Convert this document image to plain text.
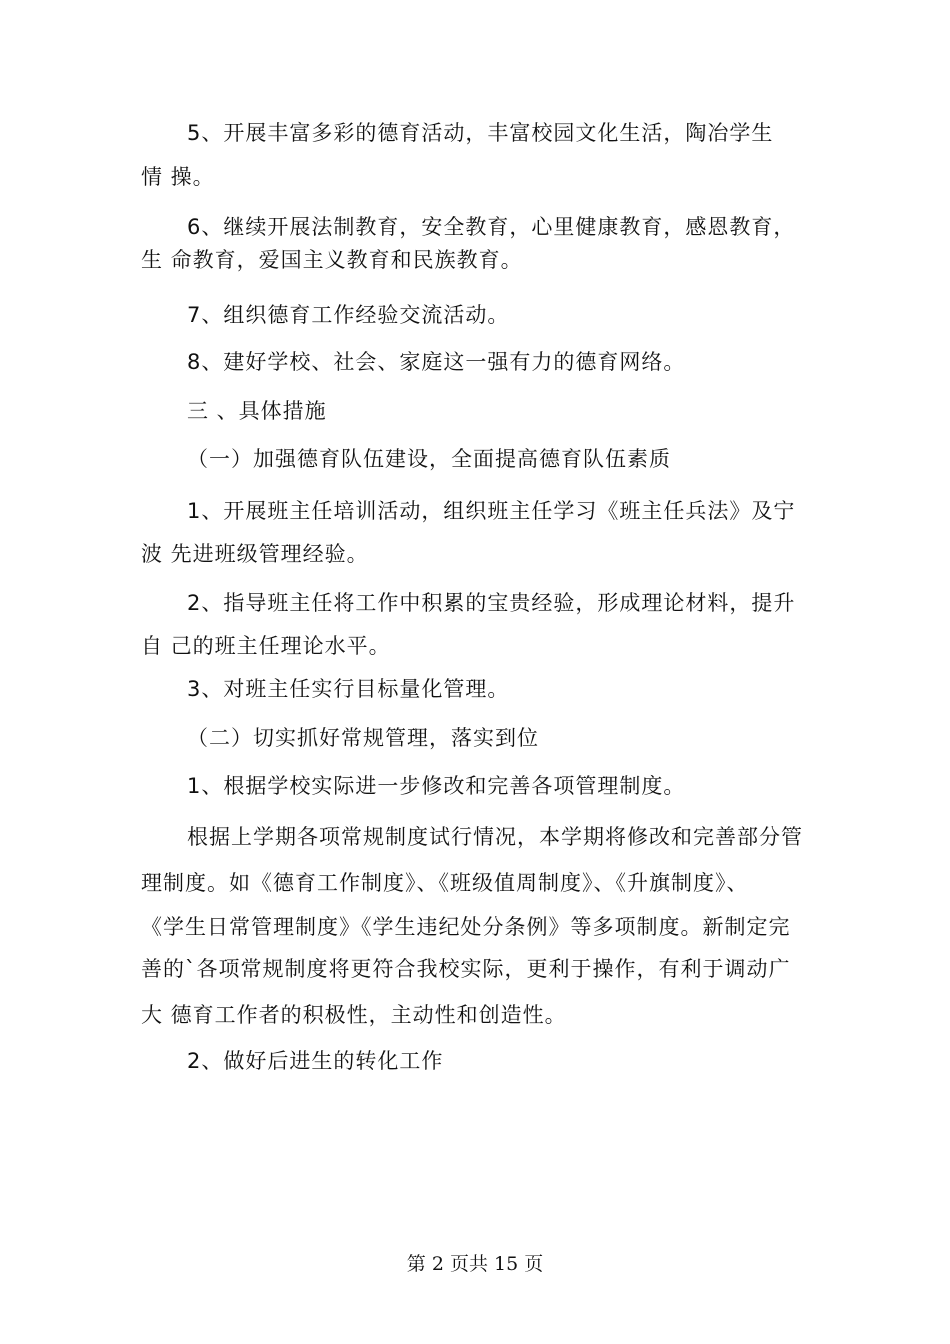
5、开展丰富多彩的德育活动，丰富校园文化生活，陶冶学生
情 操。
6、继续开展法制教育，安全教育，心里健康教育，感恩教育，
生 命教育，爱国主义教育和民族教育。
7、组织德育工作经验交流活动。
8、建好学校、社会、家庭这一强有力的德育网络。
三 、具体措施
（一）加强德育队伍建设，全面提高德育队伍素质
1、开展班主任培训活动，组织班主任学习《班主任兵法》及宁
波 先进班级管理经验。
2、指导班主任将工作中积累的宝贵经验，形成理论材料，提升
自 己的班主任理论水平。
3、对班主任实行目标量化管理。
（二）切实抓好常规管理，落实到位
1、根据学校实际进一步修改和完善各项管理制度。
根据上学期各项常规制度试行情况，本学期将修改和完善部分管
理制度。如《德育工作制度》、《班级值周制度》、《升旗制度》、
《学生日常管理制度》《学生违纪处分条例》等多项制度。新制定完
善的`各项常规制度将更符合我校实际，更利于操作，有利于调动广
大 德育工作者的积极性，主动性和创造性。
2、做好后进生的转化工作
第 2 页共 15 页
